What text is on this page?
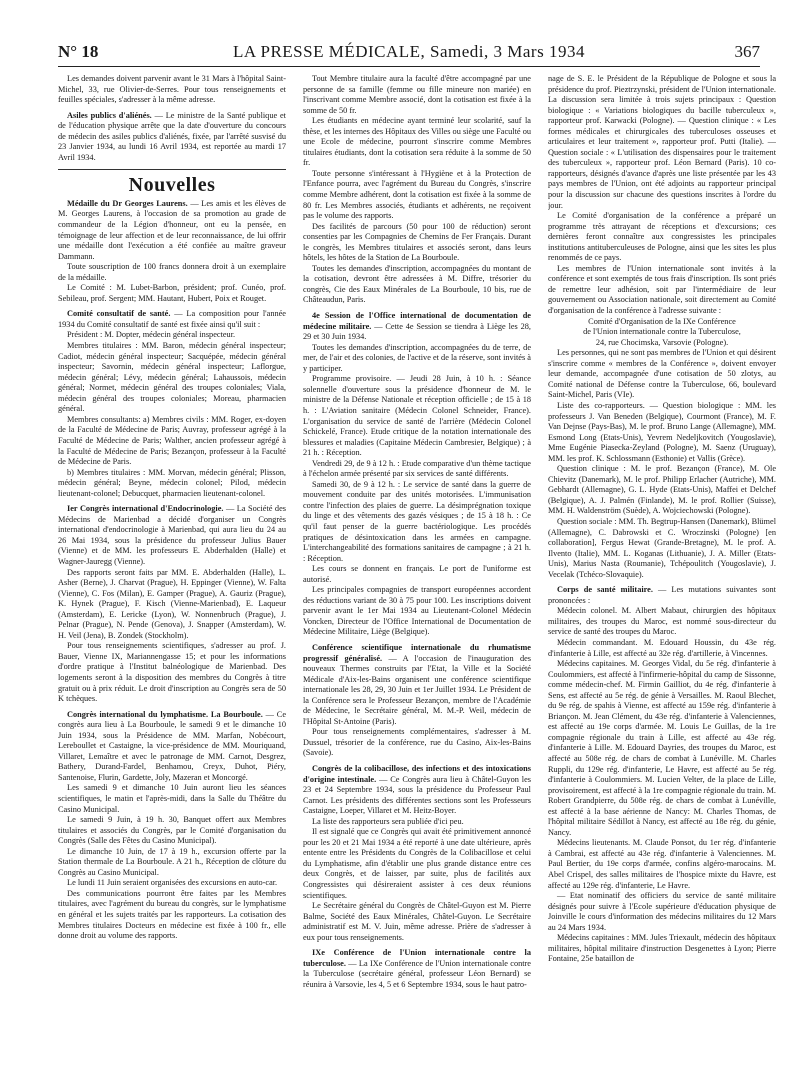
N° 18	LA PRESSE MÉDICALE, Samedi, 3 Mars 1934	367

Les demandes doivent parvenir avant le 31 Mars à l'hôpital Saint-Michel, 33, rue Olivier-de-Serres. Pour tous renseignements et feuilles spéciales, s'adresser à la même adresse.

Asiles publics d'aliénés. — Le ministre de la Santé publique et de l'éducation physique arrête que la date d'ouverture du concours de médecin des asiles publics d'aliénés, fixée, par l'arrêté susvisé du 23 Janvier 1934, au lundi 16 Avril 1934, est reportée au mardi 17 Avril 1934.

Nouvelles

Médaille du Dr Georges Laurens. — Les amis et les élèves de M. Georges Laurens, à l'occasion de sa promotion au grade de commandeur de la Légion d'honneur, ont eu la pensée, en témoignage de leur affection et de leur reconnaissance, de lui offrir une médaille dont l'exécution a été confiée au maître graveur Dammann.

Toute souscription de 100 francs donnera droit à un exemplaire de la médaille.

Le Comité : M. Lubet-Barbon, président; prof. Cunéo, prof. Sebileau, prof. Sergent; MM. Hautant, Hubert, Poix et Rouget.

Comité consultatif de santé. — La composition pour l'année 1934 du Comité consultatif de santé est fixée ainsi qu'il suit :

Président : M. Dopter, médecin général inspecteur.

Membres titulaires : MM. Baron, médecin général inspecteur; Cadiot, médecin général inspecteur; Sacquépée, médecin général inspecteur; Savornin, médecin général inspecteur; Laflorgue, médecin général; Lévy, médecin général; Lahaussois, médecin général; Normet, médecin général des troupes coloniales; Viala, médecin général des troupes coloniales; Moreau, pharmacien général.

Membres consultants: a) Membres civils : MM. Roger, ex-doyen de la Faculté de Médecine de Paris; Auvray, professeur agrégé à la Faculté de Médecine de Paris; Walther, ancien professeur agrégé à la Faculté de Médecine de Paris; Bezançon, professeur à la Faculté de Médecine de Paris.

b) Membres titulaires : MM. Morvan, médecin général; Plisson, médecin général; Beyne, médecin colonel; Pilod, médecin lieutenant-colonel; Debucquet, pharmacien lieutenant-colonel.

Ier Congrès international d'Endocrinologie. — La Société des Médecins de Marienbad a décidé d'organiser un Congrès international d'endocrinologie à Marienbad, qui aura lieu du 24 au 26 Mai 1934, sous la présidence du professeur Julius Bauer (Vienne) et de MM. les professeurs E. Abderhalden (Halle) et Wagner-Jauregg (Vienne).

Des rapports seront faits par MM. E. Abderhalden (Halle), L. Asher (Berne), J. Charvat (Prague), H. Eppinger (Vienne), W. Falta (Vienne), C. Fos (Milan), E. Gamper (Prague), A. Gauriz (Prague), K. Hynek (Prague), F. Kisch (Vienne-Marienbad), E. Laqueur (Amsterdam), E. Lericke (Lyon), W. Nonnenbruch (Prague), J. Pelnar (Prague), N. Pende (Genova), J. Snapper (Amsterdam), W. H. Veil (Jena), B. Zondek (Stockholm).

Pour tous renseignements scientifiques, s'adresser au prof. J. Bauer, Vienne IX, Mariannengasse 15; et pour les informations d'ordre pratique à l'Institut balnéologique de Marienbad. Des logements seront à la disposition des membres du Congrès à titre gratuit ou à prix réduit. Le droit d'inscription au Congrès sera de 50 K tchèques.

Congrès international du lymphatisme. La Bourboule. — Ce congrès aura lieu à La Bourboule, le samedi 9 et le dimanche 10 Juin 1934, sous la Présidence de MM. Marfan, Nobécourt, Lereboullet et Castaigne, la vice-présidence de MM. Mouriquand, Villaret, Lemaître et avec le patronage de MM. Carnot, Desgrez, Bathery, Durand-Fardel, Benhamou, Creyx, Duhot, Piéry, Santenoise, Flurin, Gardette, Joly, Mazeran et Moncorgé.

Les samedi 9 et dimanche 10 Juin auront lieu les séances scientifiques, le matin et l'après-midi, dans la Salle du Théâtre du Casino Municipal.

Le samedi 9 Juin, à 19 h. 30, Banquet offert aux Membres titulaires et associés du Congrès, par le Comité d'organisation du Congrès (Salle des Fêtes du Casino Municipal).

Le dimanche 10 Juin, de 17 à 19 h., excursion offerte par la Station thermale de La Bourboule. A 21 h., Réception de clôture du Congrès au Casino Municipal.

Le lundi 11 Juin seraient organisées des excursions en auto-car.

Des communications pourront être faites par les Membres titulaires, avec l'agrément du bureau du congrès, sur le lymphatisme en général et les sujets traités par les rapporteurs. La cotisation des Membres titulaires Docteurs en médecine est fixée à 100 fr., elle donne droit au volume des rapports.

Tout Membre titulaire aura la faculté d'être accompagné par une personne de sa famille (femme ou fille mineure non mariée) en l'inscrivant comme Membre associé, dont la cotisation est fixée à la somme de 50 fr.

Les étudiants en médecine ayant terminé leur scolarité, sauf la thèse, et les internes des Hôpitaux des Villes ou siège une Faculté ou une Ecole de médecine, pourront s'inscrire comme Membres titulaires étudiants, dont la cotisation sera réduite à la somme de 50 fr.

Toute personne s'intéressant à l'Hygiène et à la Protection de l'Enfance pourra, avec l'agrément du Bureau du Congrès, s'inscrire comme Membre adhérent, dont la cotisation est fixée à la somme de 80 fr. Les Membres associés, étudiants et adhérents, ne reçoivent pas le volume des rapports.

Des facilités de parcours (50 pour 100 de réduction) seront consenties par les Compagnies de Chemins de Fer Français. Durant le congrès, les Membres titulaires et associés seront, dans leurs hôtels, les hôtes de la Station de La Bourboule.

Toutes les demandes d'inscription, accompagnées du montant de la cotisation, devront être adressées à M. Diffre, trésorier du congrès, Cie des Eaux Minérales de La Bourboule, 10 bis, rue de Châteaudun, Paris.

4e Session de l'Office international de documentation de médecine militaire. — Cette 4e Session se tiendra à Liège les 28, 29 et 30 Juin 1934.

Toutes les demandes d'inscription, accompagnées du de terre, de mer, de l'air et des colonies, de l'active et de la réserve, sont invités à y participer.

Programme provisoire. — Jeudi 28 Juin, à 10 h. : Séance solennelle d'ouverture sous la présidence d'honneur de M. le ministre de la Défense Nationale et réception officielle ; de 15 à 18 h. : L'Aviation sanitaire (Médecin Colonel Schneider, France). L'organisation du service de santé de l'arrière (Médecin Colonel Schickelé, France). Etude critique de la notation internationale des blessures et maladies (Capitaine Médecin Cambresier, Belgique) ; à 21 h. : Réception.

Vendredi 29, de 9 à 12 h. : Etude comparative d'un thème tactique à l'échelon armée présenté par six services de santé différents.

Samedi 30, de 9 à 12 h. : Le service de santé dans la guerre de mouvement conduite par des unités motorisées. L'immunisation contre l'infection des plaies de guerre. La désimprégnation toxique du linge et des vêtements des gazés vésiques ; de 15 à 18 h. : Ce qu'il faut penser de la guerre bactériologique. Les procédés pratiques de désintoxication dans les armées en campagne. L'interchangeabilité des formations sanitaires de campagne ; à 21 h. : Réception.

Les cours se donnent en français. Le port de l'uniforme est autorisé.

Les principales compagnies de transport européennes accordent des réductions variant de 30 à 75 pour 100. Les inscriptions doivent parvenir avant le 1er Mai 1934 au Lieutenant-Colonel Médecin Voncken, Directeur de l'Office International de Documentation de Médecine Militaire, Liège (Belgique).

Conférence scientifique internationale du rhumatisme progressif généralisé. — A l'occasion de l'inauguration des nouveaux Thermes construits par l'Etat, la Ville et la Société Médicale d'Aix-les-Bains organisent une conférence scientifique internationale les 28, 29, 30 Juin et 1er Juillet 1934. Le Président de la Conférence sera le Professeur Bezançon, membre de l'Académie de Médecine, le Secrétaire général, M. M.-P. Weil, médecin de l'Hôpital St-Antoine (Paris).

Pour tous renseignements complémentaires, s'adresser à M. Dussuel, trésorier de la conférence, rue du Casino, Aix-les-Bains (Savoie).

Congrès de la colibacillose, des infections et des intoxications d'origine intestinale. — Ce Congrès aura lieu à Châtel-Guyon les 23 et 24 Septembre 1934, sous la présidence du Professeur Paul Carnot. Les présidents des différentes sections sont les Professeurs Castaigne, Loeper, Villaret et M. Heitz-Boyer.

La liste des rapporteurs sera publiée d'ici peu.

Il est signalé que ce Congrès qui avait été primitivement annoncé pour les 20 et 21 Mai 1934 a été reporté à une date ultérieure, après entente entre les Présidents du Congrès de la Colibacillose et celui du Lymphatisme, afin d'établir une plus grande distance entre ces deux Congrès, et de laisser, par suite, plus de facilités aux Congressistes qui désireraient assister à ces deux réunions scientifiques.

Le Secrétaire général du Congrès de Châtel-Guyon est M. Pierre Balme, Société des Eaux Minérales, Châtel-Guyon. Le Secrétaire administratif est M. V. Juin, même adresse. Prière de s'adresser à eux pour tous renseignements.

IXe Conférence de l'Union internationale contre la tuberculose. — La IXe Conférence de l'Union internationale contre la Tuberculose (secrétaire général, professeur Léon Bernard) se réunira à Varsovie, les 4, 5 et 6 Septembre 1934, sous le haut patro-

nage de S. E. le Président de la République de Pologne et sous la présidence du prof. Pieztrzynski, président de l'Union internationale. La discussion sera limitée à trois sujets principaux : Question biologique : « Variations biologiques du bacille tuberculeux », rapporteur prof. Karwacki (Pologne). — Question clinique : « Les formes médicales et chirurgicales des tuberculoses osseuses et articulaires et leur traitement », rapporteur prof. Putti (Italie). — Question sociale : « L'utilisation des dispensaires pour le traitement des tuberculeux », rapporteur prof. Léon Bernard (Paris). 10 co-rapporteurs, désignés d'avance d'après une liste présentée par les 43 pays membres de l'Union, ont été adjoints au rapporteur principal pour la discussion sur chacune des questions inscrites à l'ordre du jour.

Le Comité d'organisation de la conférence a préparé un programme très attrayant de réceptions et d'excursions; ces dernières feront connaître aux congressistes les principales institutions antituberculeuses de Pologne, ainsi que les sites les plus renommés de ce pays.

Les membres de l'Union internationale sont invités à la conférence et sont exemptés de tous frais d'inscription. Ils sont priés de remettre leur adhésion, soit par l'intermédiaire de leur gouvernement ou Association nationale, soit directement au Comité d'organisation de la conférence à l'adresse suivante :

Comité d'Organisation de la IXe Conférence

de l'Union internationale contre la Tuberculose,

24, rue Chocimska, Varsovie (Pologne).

Les personnes, qui ne sont pas membres de l'Union et qui désirent s'inscrire comme « membres de la Conférence », doivent envoyer leur demande, accompagnée d'une cotisation de 50 zlotys, au Comité national de Défense contre la Tuberculose, 66, boulevard Saint-Michel, Paris (VIe).

Liste des co-rapporteurs. — Question biologique : MM. les professeurs J. Van Beneden (Belgique), Courmont (France), M. F. Van Dejnse (Pays-Bas), M. le prof. Bruno Lange (Allemagne), MM. Esmond Long (Etats-Unis), Yevrem Nedeljkovitch (Yougoslavie), Mme Eugénie Piasecka-Zeyland (Pologne), M. Saenz (Uruguay), MM. les prof. K. Schlossmann (Esthonie) et Vallis (Grèce).

Question clinique : M. le prof. Bezançon (France), M. Ole Chievitz (Danemark), M. le prof. Philipp Erlacher (Autriche), MM. Gebhardt (Allemagne), G. L. Hyde (Etats-Unis), Maffei et Delchef (Belgique), A. J. Palmén (Finlande), M. le prof. Rollier (Suisse), MM. H. Waldenström (Suède), A. Wojciechowski (Pologne).

Question sociale : MM. Th. Begtrup-Hansen (Danemark), Blümel (Allemagne), C. Dabrowski et C. Wroczinski (Pologne) [en collaboration], Fergus Hewat (Grande-Bretagne), M. le prof. A. Ilvento (Italie), MM. L. Koganas (Lithuanie), J. A. Miller (Etats-Unis), Marius Nasta (Roumanie), Tchépoulitch (Yougoslavie), J. Vecelak (Tchéco-Slovaquie).

Corps de santé militaire. — Les mutations suivantes sont prononcées :

Médecin colonel. M. Albert Mabaut, chirurgien des hôpitaux militaires, des troupes du Maroc, est nommé sous-directeur du service de santé des troupes du Maroc.

Médecin commandant. M. Edouard Houssin, du 43e rég. d'infanterie à Lille, est affecté au 32e rég. d'artillerie, à Vincennes.

Médecins capitaines. M. Georges Vidal, du 5e rég. d'infanterie à Coulommiers, est affecté à l'infirmerie-hôpital du camp de Sissonne, comme médecin-chef. M. Firmin Gailliot, du 4e rég. d'infanterie à Sens, est affecté au 5e rég. de génie à Versailles. M. Raoul Blechet, du 9e rég. de spahis à Vienne, est affecté au 159e rég. d'infanterie à Briançon. M. Jean Clément, du 43e rég. d'infanterie à Valenciennes, est affecté au 19e corps d'armée. M. Louis Le Guillas, de la 1re compagnie régionale du train à Lille, est affecté au 43e rég. d'infanterie à Lille. M. Edouard Dayries, des troupes du Maroc, est affecté au 508e rég. de chars de combat à Lunéville. M. Charles Ruppli, du 129e rég. d'infanterie, Le Havre, est affecté au 5e rég. d'infanterie à Coulommiers. M. Lucien Velter, de la place de Lille, provisoirement, est affecté à la 1re compagnie régionale du train. M. Robert Grandpierre, du 508e rég. de chars de combat à Lunéville, est affecté à la base aérienne de Nancy: M. Charles Thomas, de l'hôpital militaire Sédillot à Nancy, est affecté au 18e rég. du génie, Nancy.

Médecins lieutenants. M. Claude Ponsot, du 1er rég. d'infanterie à Cambrai, est affecté au 43e rég. d'infanterie à Valenciennes. M. Paul Bertier, du 19e corps d'armée, confins algéro-marocains. M. Abel Crispel, des salles militaires de l'hospice mixte du Havre, est affecté au 129e rég. d'infanterie, Le Havre.

— Etat nominatif des officiers du service de santé militaire désignés pour suivre à l'Ecole supérieure d'éducation physique de Joinville le cours d'information des médecins militaires du 12 Mars au 24 Mars 1934.

Médecins capitaines : MM. Jules Triexault, médecin des hôpitaux militaires, hôpital militaire d'instruction Desgenettes à Lyon; Pierre Fontaine, 25e bataillon de
